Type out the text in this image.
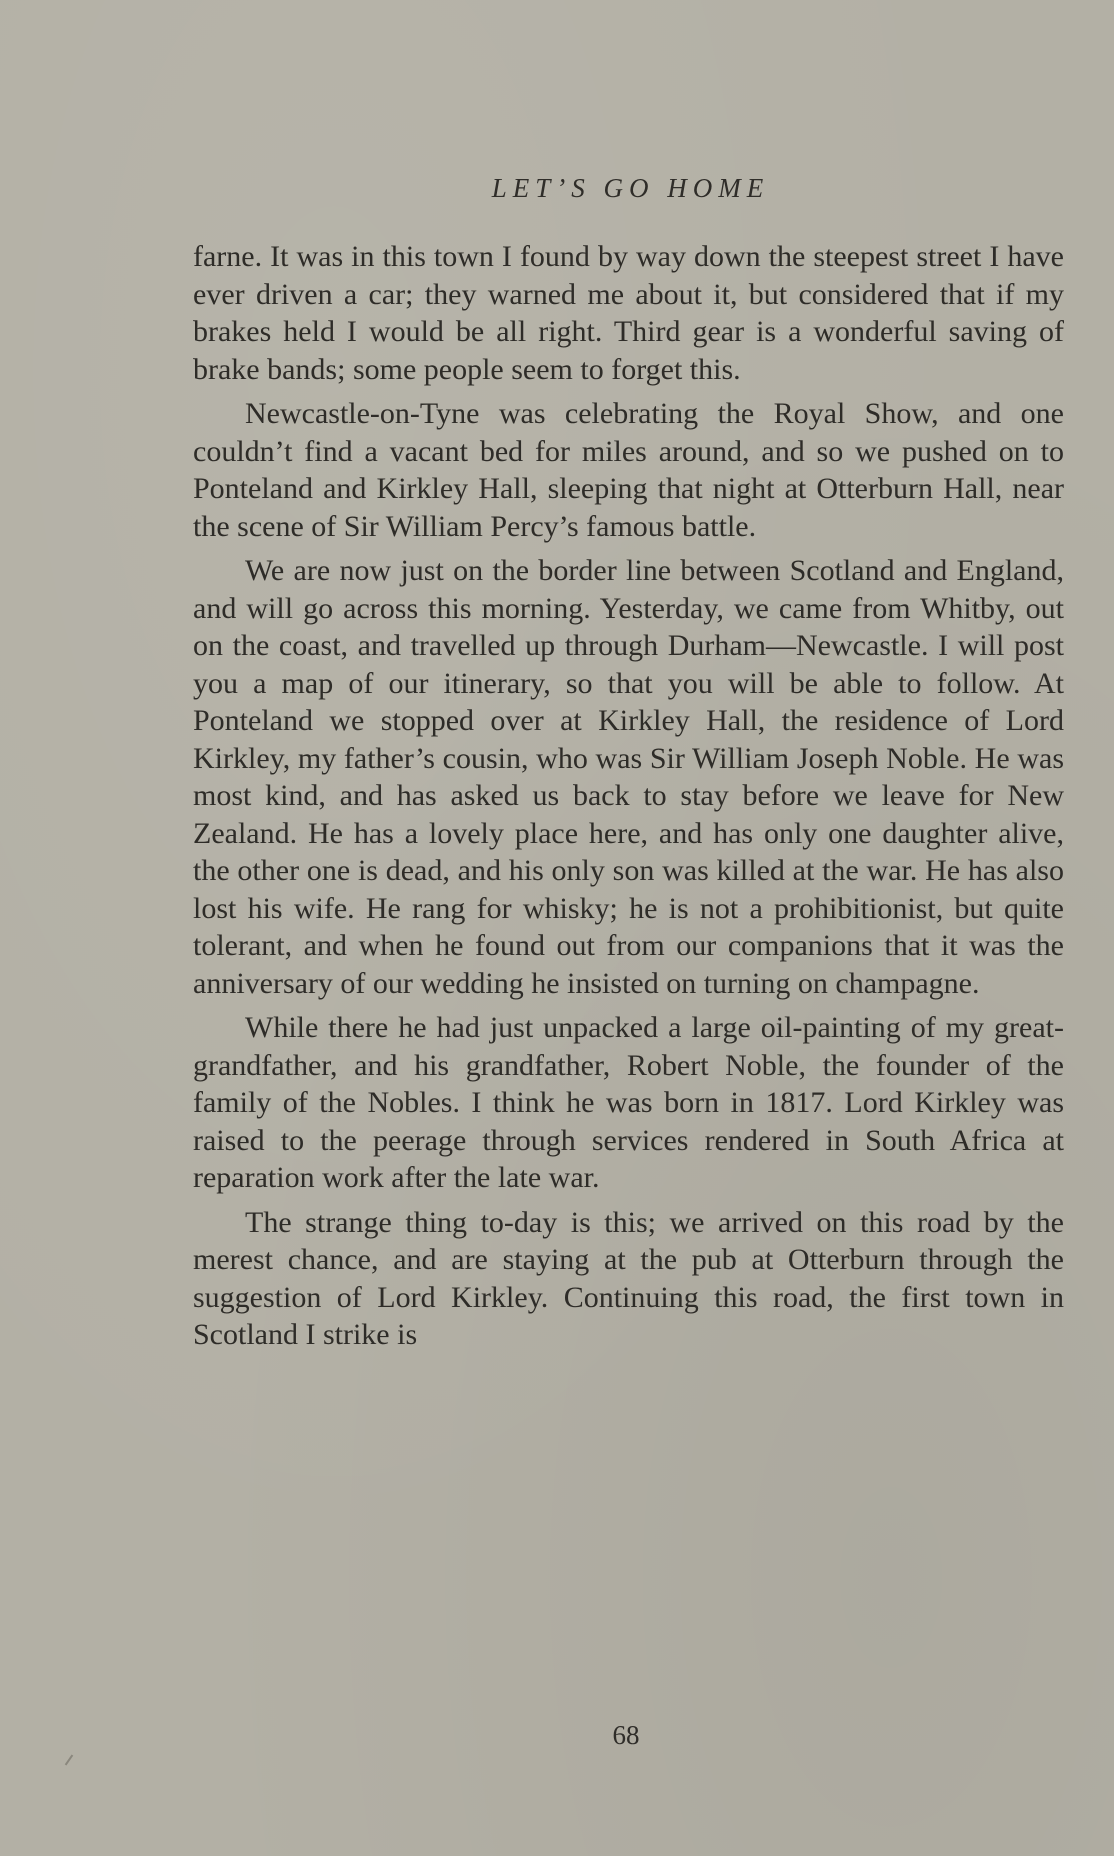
LET’S GO HOME

farne. It was in this town I found by way down the steepest street I have ever driven a car; they warned me about it, but considered that if my brakes held I would be all right. Third gear is a wonderful saving of brake bands; some people seem to forget this.

Newcastle-on-Tyne was celebrating the Royal Show, and one couldn’t find a vacant bed for miles around, and so we pushed on to Ponteland and Kirkley Hall, sleeping that night at Otterburn Hall, near the scene of Sir William Percy’s famous battle.

We are now just on the border line between Scotland and England, and will go across this morning. Yesterday, we came from Whitby, out on the coast, and travelled up through Durham—Newcastle. I will post you a map of our itinerary, so that you will be able to follow. At Ponteland we stopped over at Kirkley Hall, the residence of Lord Kirkley, my father’s cousin, who was Sir William Joseph Noble. He was most kind, and has asked us back to stay before we leave for New Zealand. He has a lovely place here, and has only one daughter alive, the other one is dead, and his only son was killed at the war. He has also lost his wife. He rang for whisky; he is not a prohibitionist, but quite tolerant, and when he found out from our companions that it was the anniversary of our wedding he insisted on turning on champagne.

While there he had just unpacked a large oil-painting of my great-grandfather, and his grandfather, Robert Noble, the founder of the family of the Nobles. I think he was born in 1817. Lord Kirkley was raised to the peerage through services rendered in South Africa at reparation work after the late war.

The strange thing to-day is this; we arrived on this road by the merest chance, and are staying at the pub at Otterburn through the suggestion of Lord Kirkley. Continuing this road, the first town in Scotland I strike is

68
